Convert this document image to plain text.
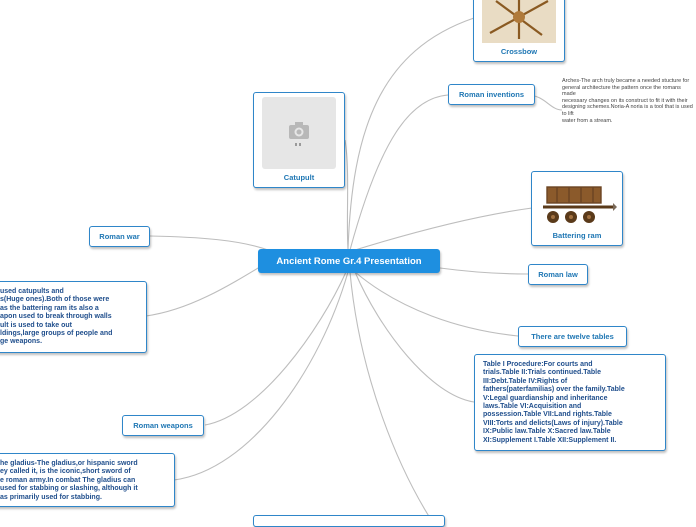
Ancient Rome Gr.4 Presentation
Crossbow
Catupult
Roman inventions
Arches-The arch truly became a needed stucture for
general architecture the pattern once the romans made
necessary changes on its construct to fit it with their
designing schemes.Noria-A noria is a tool that is used to lift
water from a stream.
Battering ram
Roman war
Roman law
There are twelve tables
Table I Procedure:For courts and
trials.Table II:Trials continued.Table
III:Debt.Table IV:Rights of
fathers(paterfamilias) over the family.Table
V:Legal guardianship and inheritance
laws.Table VI:Acquisition and
possession.Table VII:Land rights.Table
VIII:Torts and delicts(Laws of injury).Table
IX:Public law.Table X:Sacred law.Table
XI:Supplement I.Table XII:Supplement II.
used catupults and
s(Huge ones).Both of those were
as the battering ram its also a
apon used to break through walls
ult is used to take out
ldings,large groups of people and
ge weapons.
Roman weapons
he gladius-The gladius,or hispanic sword
ey called it, is the iconic,short sword of
e roman army.In combat The gladius can
used for stabbing or slashing, although it
as primarily used for stabbing.
